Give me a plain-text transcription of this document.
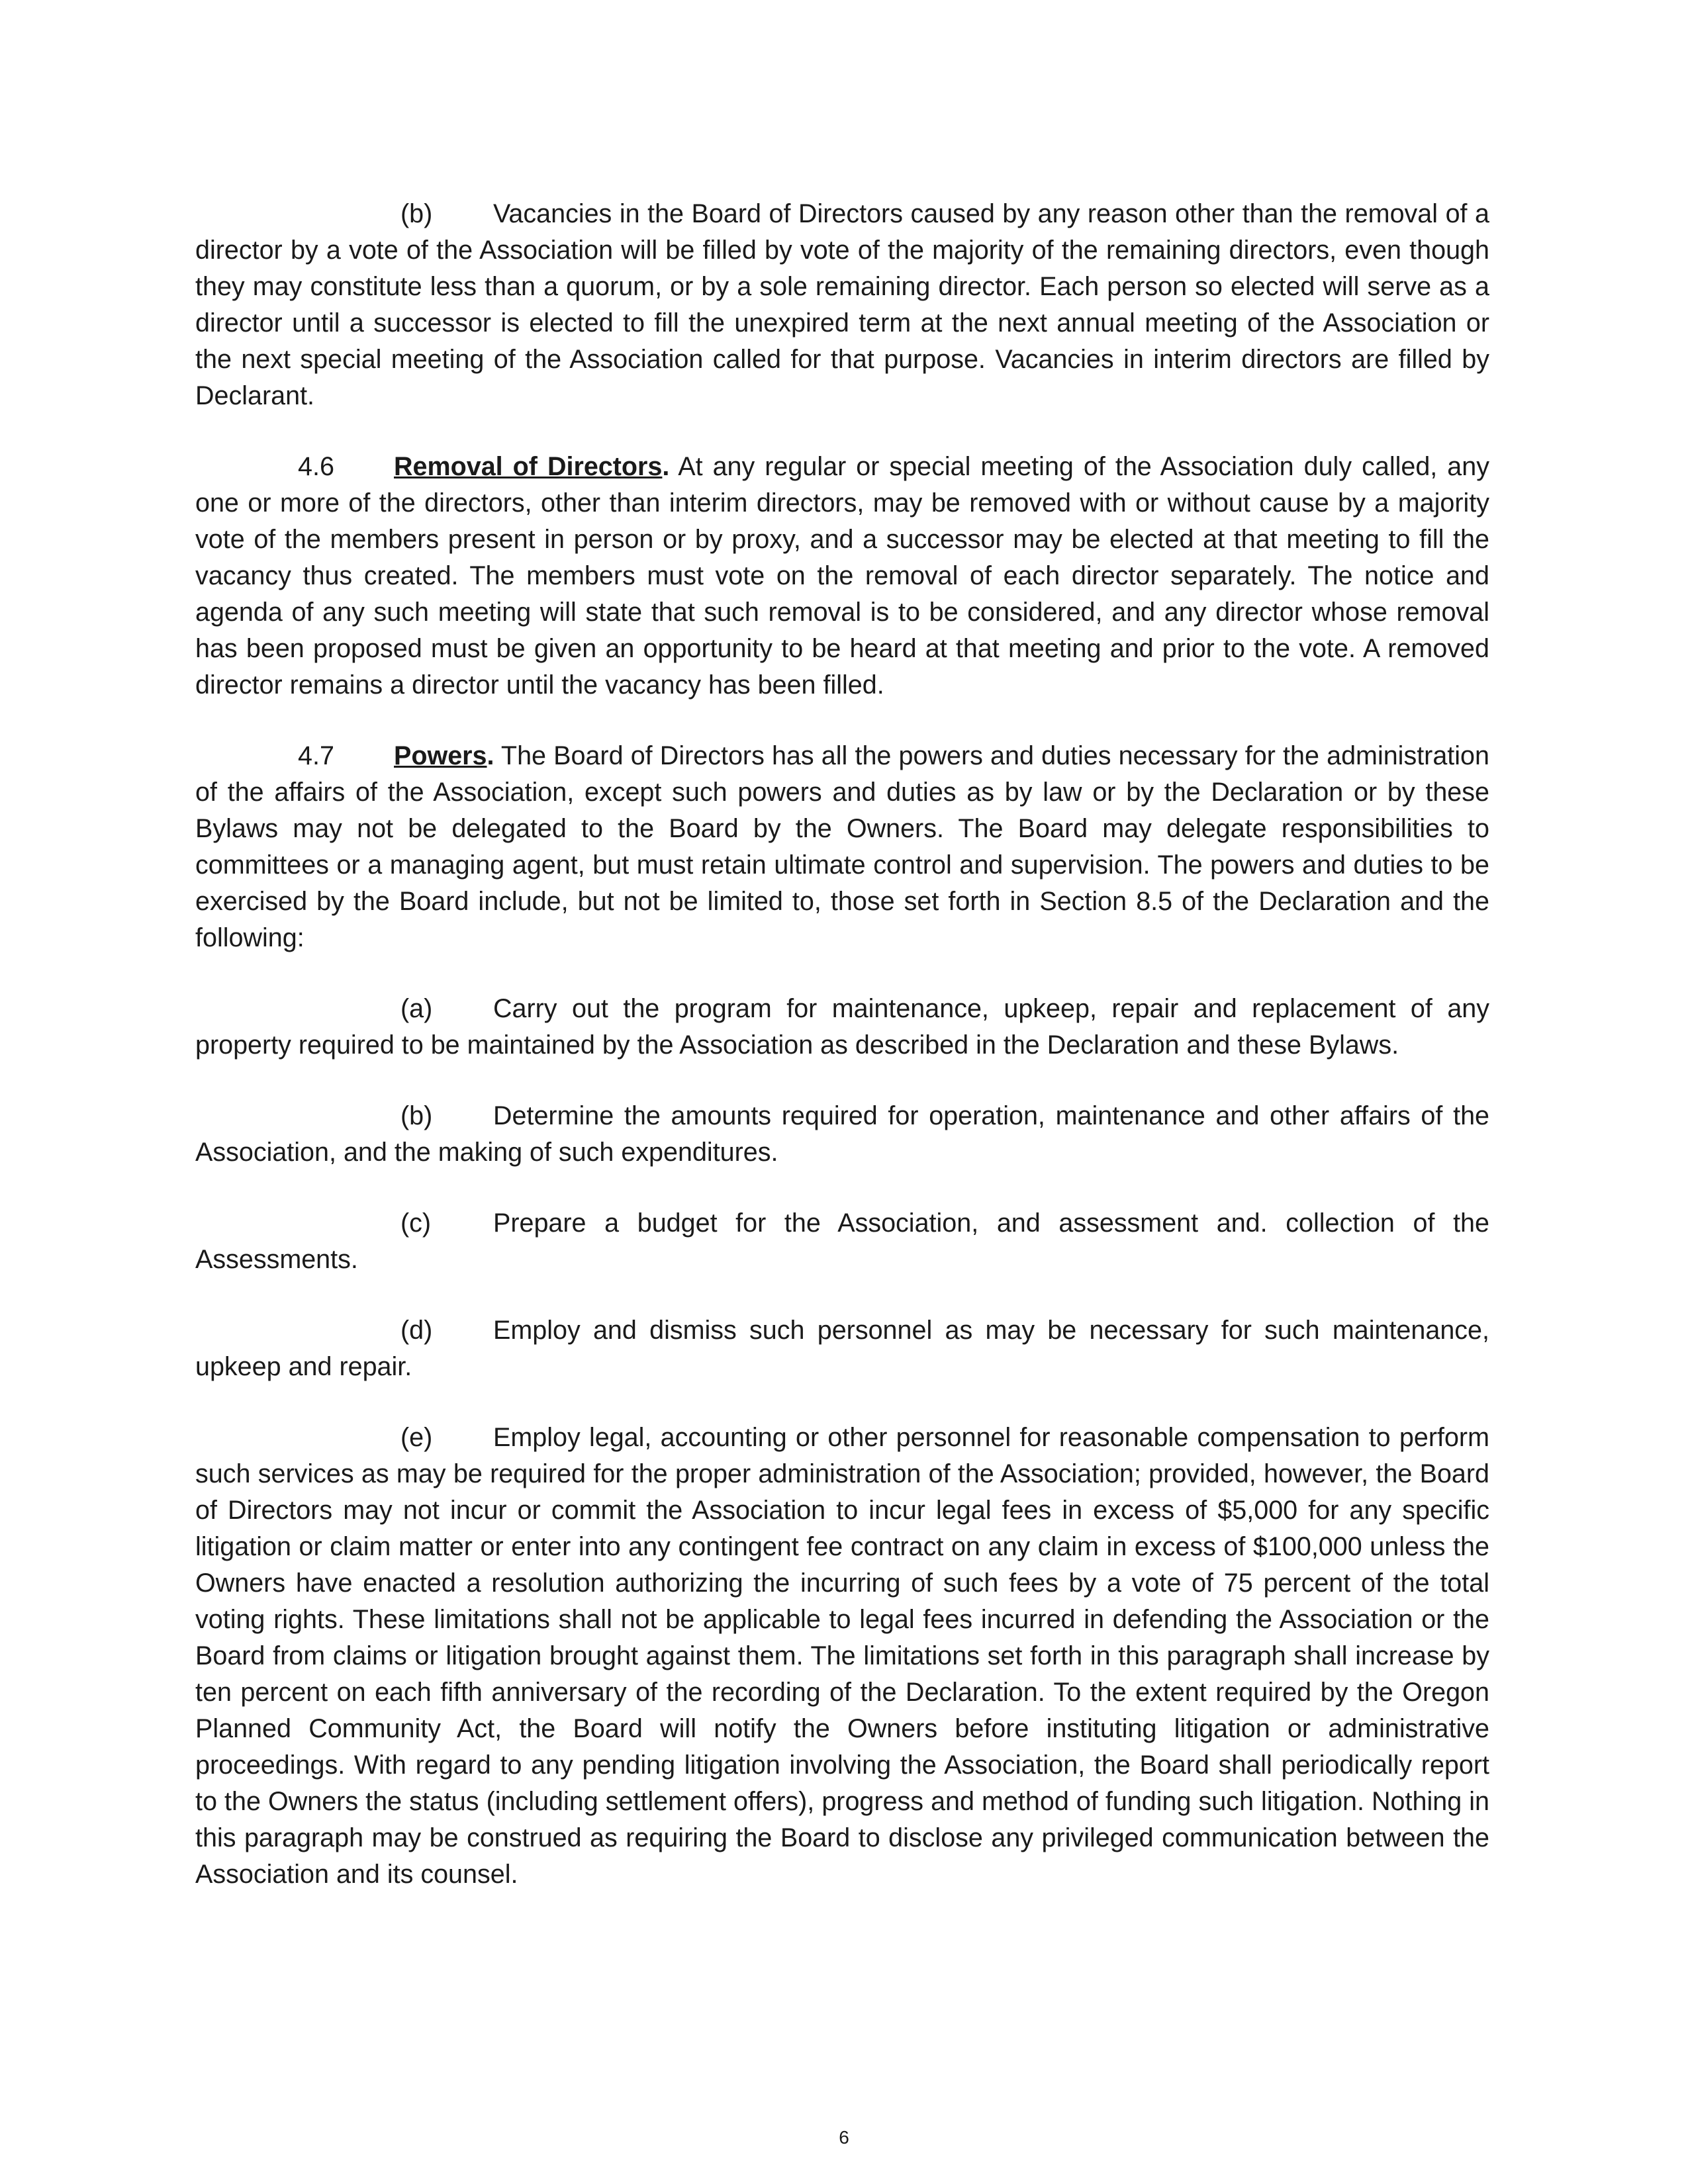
(b) Vacancies in the Board of Directors caused by any reason other than the removal of a director by a vote of the Association will be filled by vote of the majority of the remaining directors, even though they may constitute less than a quorum, or by a sole remaining director. Each person so elected will serve as a director until a successor is elected to fill the unexpired term at the next annual meeting of the Association or the next special meeting of the Association called for that purpose. Vacancies in interim directors are filled by Declarant.

4.6 Removal of Directors. At any regular or special meeting of the Association duly called, any one or more of the directors, other than interim directors, may be removed with or without cause by a majority vote of the members present in person or by proxy, and a successor may be elected at that meeting to fill the vacancy thus created. The members must vote on the removal of each director separately. The notice and agenda of any such meeting will state that such removal is to be considered, and any director whose removal has been proposed must be given an opportunity to be heard at that meeting and prior to the vote. A removed director remains a director until the vacancy has been filled.

4.7 Powers. The Board of Directors has all the powers and duties necessary for the administration of the affairs of the Association, except such powers and duties as by law or by the Declaration or by these Bylaws may not be delegated to the Board by the Owners. The Board may delegate responsibilities to committees or a managing agent, but must retain ultimate control and supervision. The powers and duties to be exercised by the Board include, but not be limited to, those set forth in Section 8.5 of the Declaration and the following:

(a) Carry out the program for maintenance, upkeep, repair and replacement of any property required to be maintained by the Association as described in the Declaration and these Bylaws.

(b) Determine the amounts required for operation, maintenance and other affairs of the Association, and the making of such expenditures.

(c) Prepare a budget for the Association, and assessment and. collection of the Assessments.

(d) Employ and dismiss such personnel as may be necessary for such maintenance, upkeep and repair.

(e) Employ legal, accounting or other personnel for reasonable compensation to perform such services as may be required for the proper administration of the Association; provided, however, the Board of Directors may not incur or commit the Association to incur legal fees in excess of $5,000 for any specific litigation or claim matter or enter into any contingent fee contract on any claim in excess of $100,000 unless the Owners have enacted a resolution authorizing the incurring of such fees by a vote of 75 percent of the total voting rights. These limitations shall not be applicable to legal fees incurred in defending the Association or the Board from claims or litigation brought against them. The limitations set forth in this paragraph shall increase by ten percent on each fifth anniversary of the recording of the Declaration. To the extent required by the Oregon Planned Community Act, the Board will notify the Owners before instituting litigation or administrative proceedings. With regard to any pending litigation involving the Association, the Board shall periodically report to the Owners the status (including settlement offers), progress and method of funding such litigation. Nothing in this paragraph may be construed as requiring the Board to disclose any privileged communication between the Association and its counsel.

6
